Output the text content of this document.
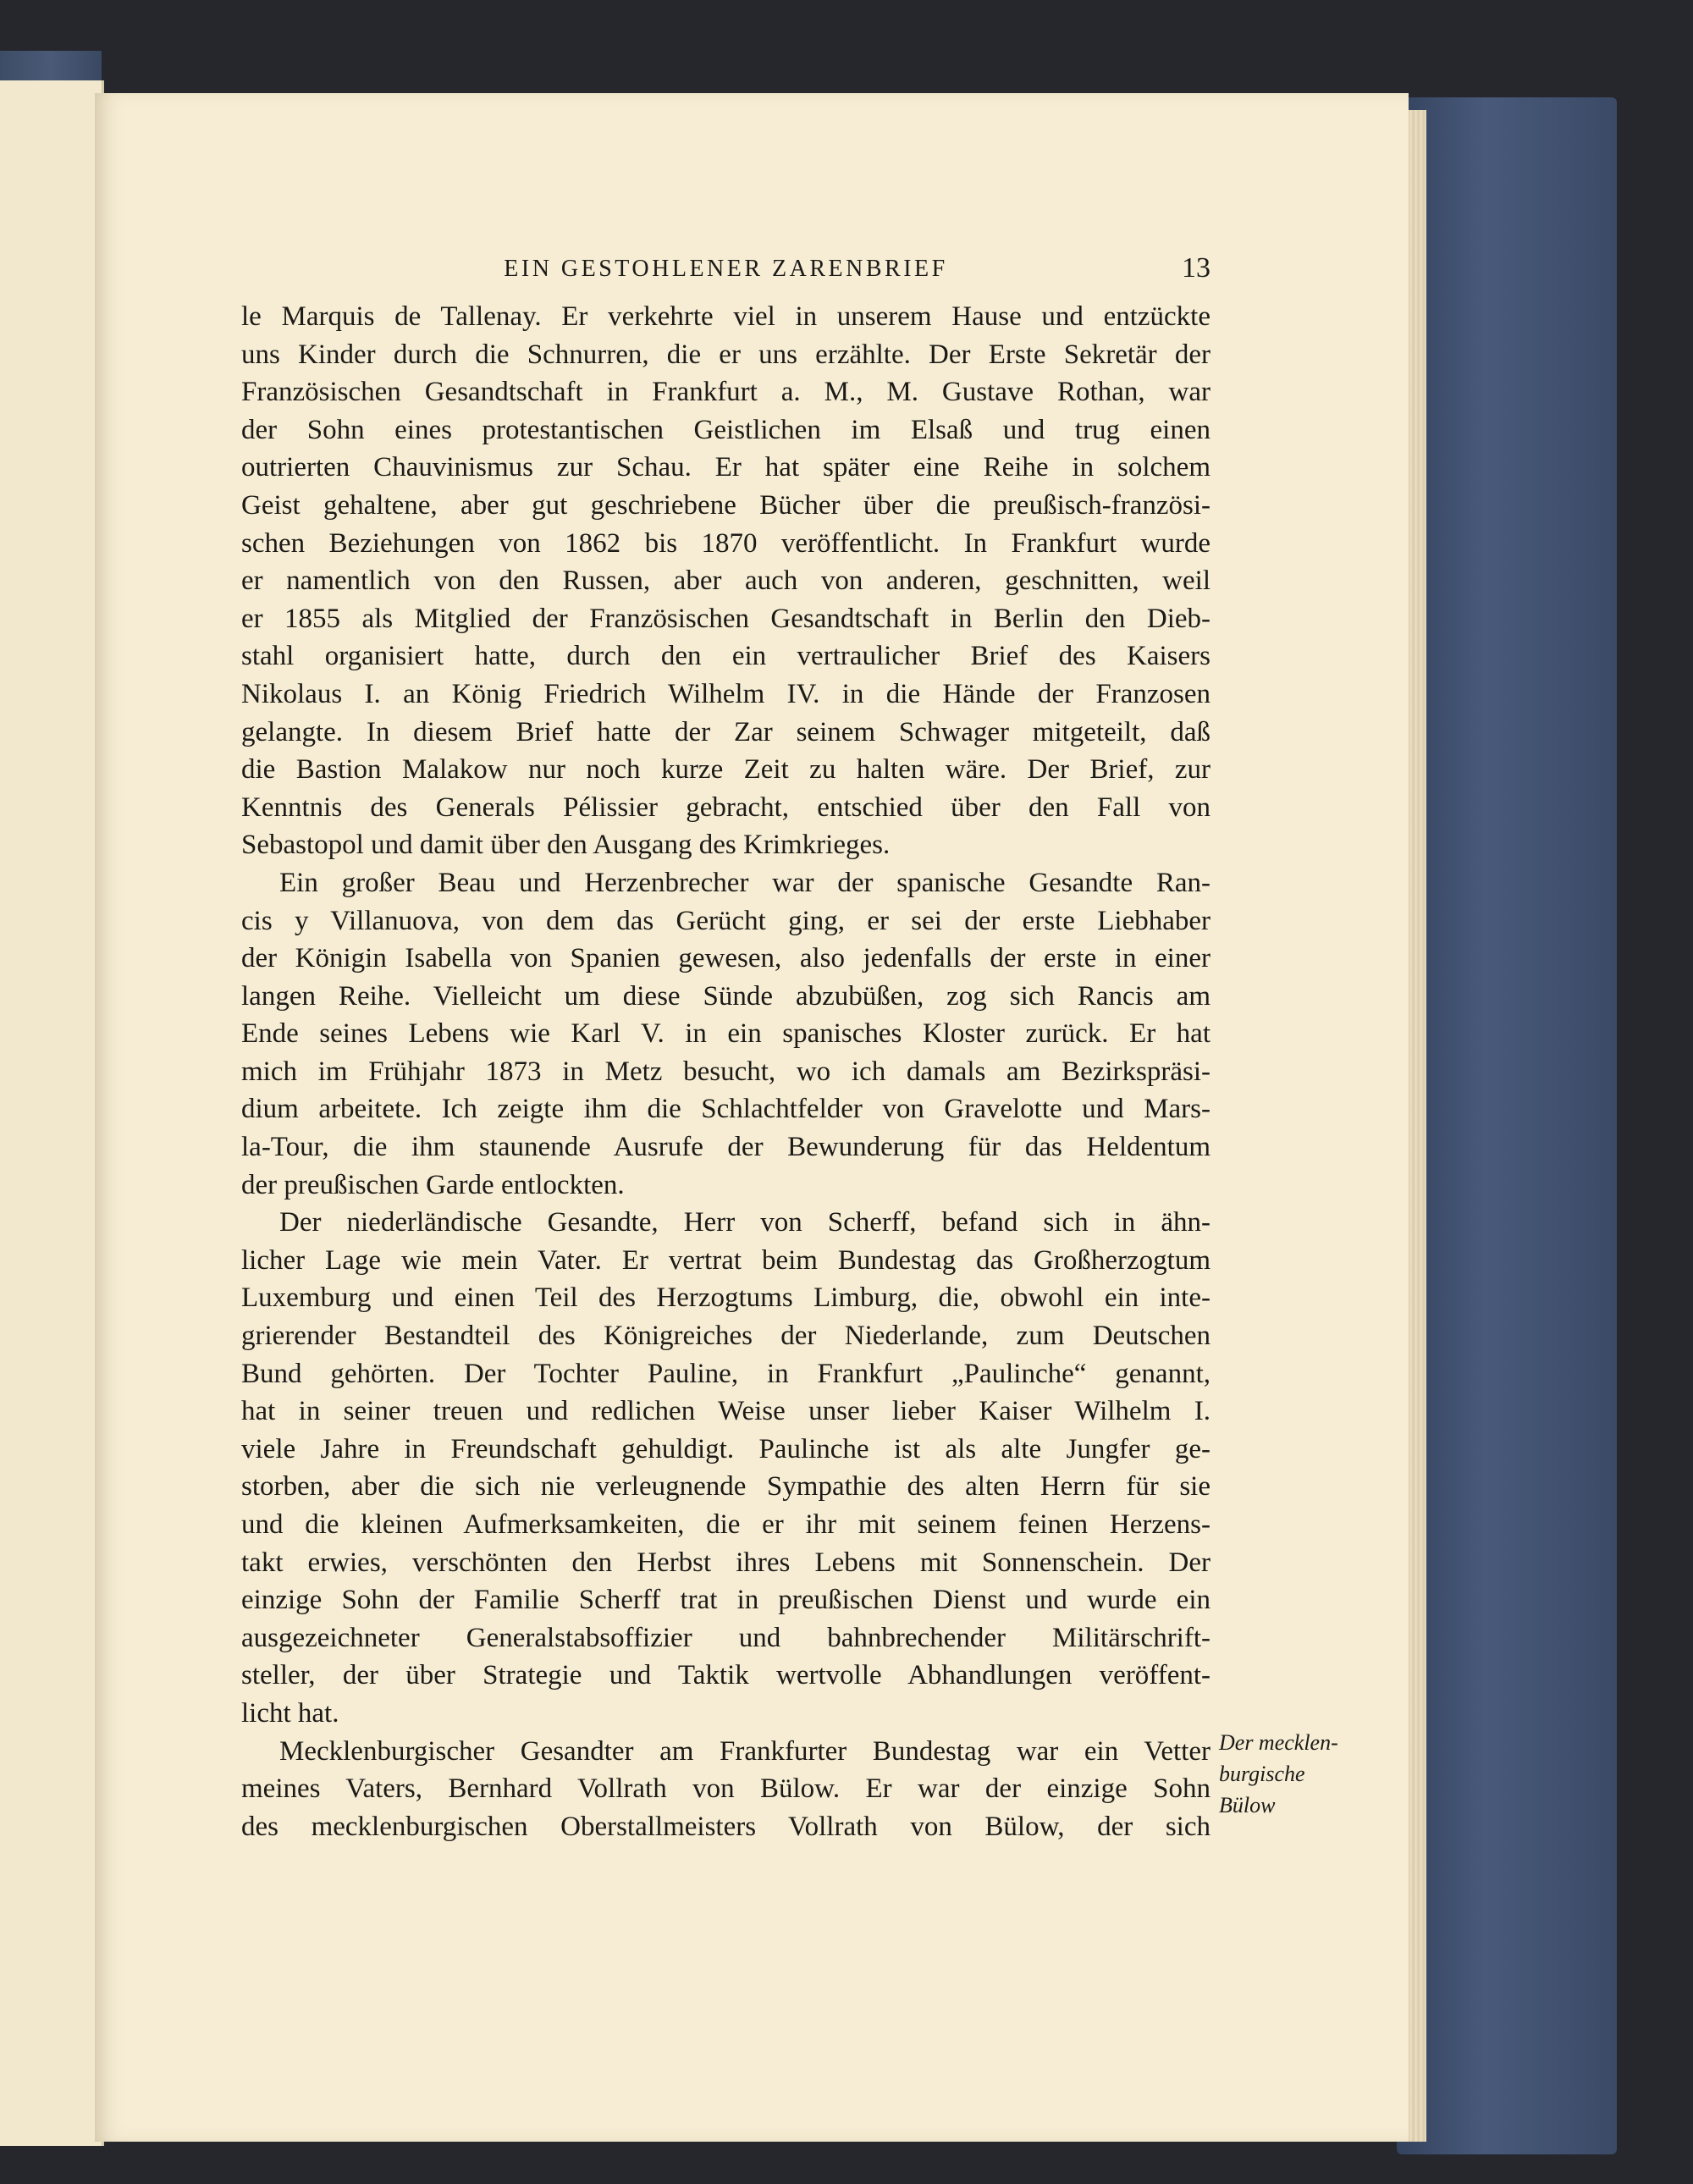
EIN GESTOHLENER ZARENBRIEF	13
le Marquis de Tallenay. Er verkehrte viel in unserem Hause und entzückte
uns Kinder durch die Schnurren, die er uns erzählte. Der Erste Sekretär der
Französischen Gesandtschaft in Frankfurt a. M., M. Gustave Rothan, war
der Sohn eines protestantischen Geistlichen im Elsaß und trug einen
outrierten Chauvinismus zur Schau. Er hat später eine Reihe in solchem
Geist gehaltene, aber gut geschriebene Bücher über die preußisch-französi-
schen Beziehungen von 1862 bis 1870 veröffentlicht. In Frankfurt wurde
er namentlich von den Russen, aber auch von anderen, geschnitten, weil
er 1855 als Mitglied der Französischen Gesandtschaft in Berlin den Dieb-
stahl organisiert hatte, durch den ein vertraulicher Brief des Kaisers
Nikolaus I. an König Friedrich Wilhelm IV. in die Hände der Franzosen
gelangte. In diesem Brief hatte der Zar seinem Schwager mitgeteilt, daß
die Bastion Malakow nur noch kurze Zeit zu halten wäre. Der Brief, zur
Kenntnis des Generals Pélissier gebracht, entschied über den Fall von
Sebastopol und damit über den Ausgang des Krimkrieges.
Ein großer Beau und Herzenbrecher war der spanische Gesandte Ran-
cis y Villanuova, von dem das Gerücht ging, er sei der erste Liebhaber
der Königin Isabella von Spanien gewesen, also jedenfalls der erste in einer
langen Reihe. Vielleicht um diese Sünde abzubüßen, zog sich Rancis am
Ende seines Lebens wie Karl V. in ein spanisches Kloster zurück. Er hat
mich im Frühjahr 1873 in Metz besucht, wo ich damals am Bezirkspräsi-
dium arbeitete. Ich zeigte ihm die Schlachtfelder von Gravelotte und Mars-
la-Tour, die ihm staunende Ausrufe der Bewunderung für das Heldentum
der preußischen Garde entlockten.
Der niederländische Gesandte, Herr von Scherff, befand sich in ähn-
licher Lage wie mein Vater. Er vertrat beim Bundestag das Großherzogtum
Luxemburg und einen Teil des Herzogtums Limburg, die, obwohl ein inte-
grierender Bestandteil des Königreiches der Niederlande, zum Deutschen
Bund gehörten. Der Tochter Pauline, in Frankfurt „Paulinche“ genannt,
hat in seiner treuen und redlichen Weise unser lieber Kaiser Wilhelm I.
viele Jahre in Freundschaft gehuldigt. Paulinche ist als alte Jungfer ge-
storben, aber die sich nie verleugnende Sympathie des alten Herrn für sie
und die kleinen Aufmerksamkeiten, die er ihr mit seinem feinen Herzens-
takt erwies, verschönten den Herbst ihres Lebens mit Sonnenschein. Der
einzige Sohn der Familie Scherff trat in preußischen Dienst und wurde ein
ausgezeichneter Generalstabsoffizier und bahnbrechender Militärschrift-
steller, der über Strategie und Taktik wertvolle Abhandlungen veröffent-
licht hat.
Mecklenburgischer Gesandter am Frankfurter Bundestag war ein Vetter
meines Vaters, Bernhard Vollrath von Bülow. Er war der einzige Sohn
des mecklenburgischen Oberstallmeisters Vollrath von Bülow, der sich
Der mecklen-
burgische
Bülow
